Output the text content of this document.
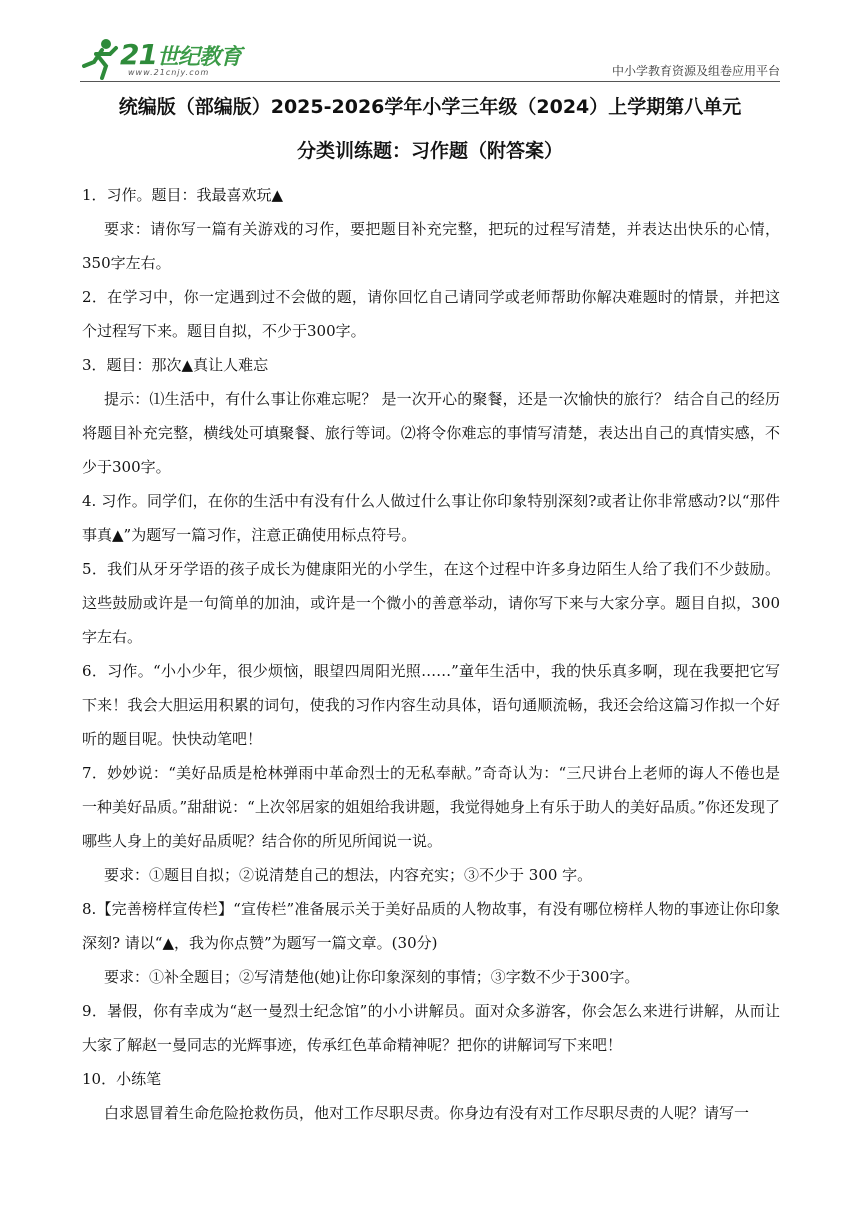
21世纪教育
www.21cnjy.com	中小学教育资源及组卷应用平台
统编版（部编版）2025-2026学年小学三年级（2024）上学期第八单元
分类训练题：习作题（附答案）

1．习作。题目：我最喜欢玩▲

要求：请你写一篇有关游戏的习作，要把题目补充完整，把玩的过程写清楚，并表达出快乐的心情，350字左右。

2．在学习中，你一定遇到过不会做的题，请你回忆自己请同学或老师帮助你解决难题时的情景，并把这个过程写下来。题目自拟，不少于300字。

3．题目：那次▲真让人难忘

提示：⑴生活中，有什么事让你难忘呢？ 是一次开心的聚餐，还是一次愉快的旅行？ 结合自己的经历将题目补充完整，横线处可填聚餐、旅行等词。⑵将令你难忘的事情写清楚，表达出自己的真情实感，不少于300字。

4. 习作。同学们，在你的生活中有没有什么人做过什么事让你印象特别深刻?或者让你非常感动?以“那件事真▲”为题写一篇习作，注意正确使用标点符号。

5．我们从牙牙学语的孩子成长为健康阳光的小学生，在这个过程中许多身边陌生人给了我们不少鼓励。这些鼓励或许是一句简单的加油，或许是一个微小的善意举动，请你写下来与大家分享。题目自拟，300字左右。

6．习作。“小小少年，很少烦恼，眼望四周阳光照……”童年生活中，我的快乐真多啊，现在我要把它写下来！我会大胆运用积累的词句，使我的习作内容生动具体，语句通顺流畅，我还会给这篇习作拟一个好听的题目呢。快快动笔吧！

7．妙妙说：“美好品质是枪林弹雨中革命烈士的无私奉献。”奇奇认为：“三尺讲台上老师的诲人不倦也是一种美好品质。”甜甜说：“上次邻居家的姐姐给我讲题，我觉得她身上有乐于助人的美好品质。”你还发现了哪些人身上的美好品质呢？结合你的所见所闻说一说。

要求：①题目自拟；②说清楚自己的想法，内容充实；③不少于 300 字。

8.【完善榜样宣传栏】“宣传栏”准备展示关于美好品质的人物故事，有没有哪位榜样人物的事迹让你印象深刻? 请以“▲，我为你点赞”为题写一篇文章。(30分)

要求：①补全题目；②写清楚他(她)让你印象深刻的事情；③字数不少于300字。

9．暑假，你有幸成为“赵一曼烈士纪念馆”的小小讲解员。面对众多游客，你会怎么来进行讲解，从而让大家了解赵一曼同志的光辉事迹，传承红色革命精神呢？把你的讲解词写下来吧！

10．小练笔

白求恩冒着生命危险抢救伤员，他对工作尽职尽责。你身边有没有对工作尽职尽责的人呢？请写一
